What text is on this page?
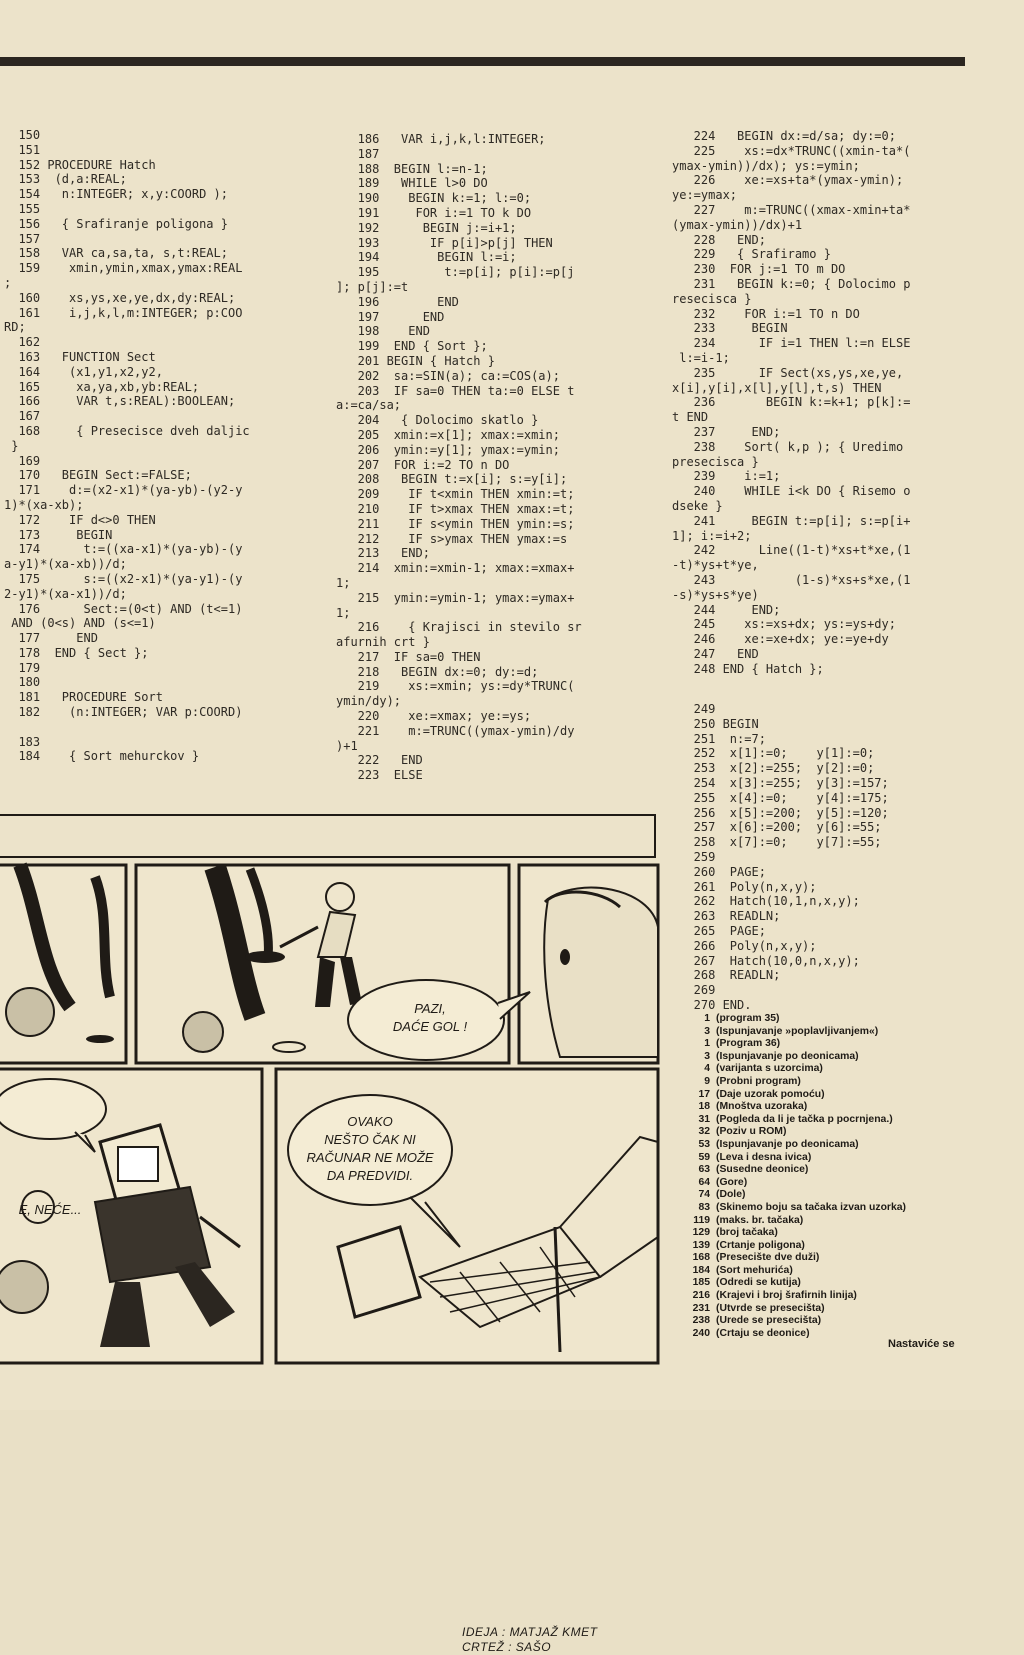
150
151
152 PROCEDURE Hatch
153  (d,a:REAL;
154   n:INTEGER; x,y:COORD );
155
156   { Srafiranje poligona }
157
158   VAR ca,sa,ta, s,t:REAL;
159    xmin,ymin,xmax,ymax:REAL
;
160    xs,ys,xe,ye,dx,dy:REAL;
161    i,j,k,l,m:INTEGER; p:COO
RD;
162
163   FUNCTION Sect
164    (x1,y1,x2,y2,
165     xa,ya,xb,yb:REAL;
166     VAR t,s:REAL):BOOLEAN;
167
168     { Presecisce dveh daljic
}
169
170   BEGIN Sect:=FALSE;
171    d:=(x2-x1)*(ya-yb)-(y2-y
1)*(xa-xb);
172    IF d<>0 THEN
173     BEGIN
174      t:=((xa-x1)*(ya-yb)-(y
a-y1)*(xa-xb))/d;
175      s:=((x2-x1)*(ya-y1)-(y
2-y1)*(xa-x1))/d;
176      Sect:=(0<t) AND (t<=1)
AND (0<s) AND (s<=1)
177     END
178  END { Sect };
179
180
181   PROCEDURE Sort
182    (n:INTEGER; VAR p:COORD)
183
184    { Sort mehurckov }
186   VAR i,j,k,l:INTEGER;
187
188  BEGIN l:=n-1;
189   WHILE l>0 DO
190    BEGIN k:=1; l:=0;
191     FOR i:=1 TO k DO
192      BEGIN j:=i+1;
193       IF p[i]>p[j] THEN
194        BEGIN l:=i;
195         t:=p[i]; p[i]:=p[j
]; p[j]:=t
196        END
197      END
198    END
199  END { Sort };
201 BEGIN { Hatch }
202  sa:=SIN(a); ca:=COS(a);
203  IF sa=0 THEN ta:=0 ELSE t
a:=ca/sa;
204   { Dolocimo skatlo }
205  xmin:=x[1]; xmax:=xmin;
206  ymin:=y[1]; ymax:=ymin;
207  FOR i:=2 TO n DO
208   BEGIN t:=x[i]; s:=y[i];
209    IF t<xmin THEN xmin:=t;
210    IF t>xmax THEN xmax:=t;
211    IF s<ymin THEN ymin:=s;
212    IF s>ymax THEN ymax:=s
213   END;
214  xmin:=xmin-1; xmax:=xmax+
1;
215  ymin:=ymin-1; ymax:=ymax+
1;
216    { Krajisci in stevilo sr
afurnih crt }
217  IF sa=0 THEN
218   BEGIN dx:=0; dy:=d;
219    xs:=xmin; ys:=dy*TRUNC(
ymin/dy);
220    xe:=xmax; ye:=ys;
221    m:=TRUNC((ymax-ymin)/dy
)+1
222   END
223  ELSE
224   BEGIN dx:=d/sa; dy:=0;
225    xs:=dx*TRUNC((xmin-ta*(
ymax-ymin))/dx); ys:=ymin;
226    xe:=xs+ta*(ymax-ymin);
ye:=ymax;
227    m:=TRUNC((xmax-xmin+ta*
(ymax-ymin))/dx)+1
228   END;
229   { Srafiramo }
230  FOR j:=1 TO m DO
231   BEGIN k:=0; { Dolocimo p
resecisca }
232    FOR i:=1 TO n DO
233     BEGIN
234      IF i=1 THEN l:=n ELSE
l:=i-1;
235      IF Sect(xs,ys,xe,ye,
x[i],y[i],x[l],y[l],t,s) THEN
236       BEGIN k:=k+1; p[k]:=
t END
237     END;
238    Sort( k,p ); { Uredimo
presecisca }
239    i:=1;
240    WHILE i<k DO { Risemo o
dseke }
241     BEGIN t:=p[i]; s:=p[i+
1]; i:=i+2;
242      Line((1-t)*xs+t*xe,(1
-t)*ys+t*ye,
243           (1-s)*xs+s*xe,(1
-s)*ys+s*ye)
244     END;
245    xs:=xs+dx; ys:=ys+dy;
246    xe:=xe+dx; ye:=ye+dy
247   END
248 END { Hatch };
249
250 BEGIN
251  n:=7;
252  x[1]:=0;    y[1]:=0;
253  x[2]:=255;  y[2]:=0;
254  x[3]:=255;  y[3]:=157;
255  x[4]:=0;    y[4]:=175;
256  x[5]:=200;  y[5]:=120;
257  x[6]:=200;  y[6]:=55;
258  x[7]:=0;    y[7]:=55;
259
260  PAGE;
261  Poly(n,x,y);
262  Hatch(10,1,n,x,y);
263  READLN;
265  PAGE;
266  Poly(n,x,y);
267  Hatch(10,0,n,x,y);
268  READLN;
269
270 END.
IDEJA : MATJAŽ KMET
CRTEŽ : SAŠO
PAZI,
DAĆE GOL !
E, NEĆE...
OVAKO
NEŠTO ČAK NI
RAČUNAR NE MOŽE
DA PREDVIDI.
1 (program 35)
3 (Ispunjavanje »poplavljivanjem«)
1 (Program 36)
3 (Ispunjavanje po deonicama)
4 (varijanta s uzorcima)
9 (Probni program)
17 (Daje uzorak pomoću)
18 (Mnoštva uzoraka)
31 (Pogleda da li je tačka p pocrnjena.)
32 (Poziv u ROM)
53 (Ispunjavanje po deonicama)
59 (Leva i desna ivica)
63 (Susedne deonice)
64 (Gore)
74 (Dole)
83 (Skinemo boju sa tačaka izvan uzorka)
119 (maks. br. tačaka)
129 (broj tačaka)
139 (Crtanje poligona)
168 (Presecište dve duži)
184 (Sort mehurića)
185 (Odredi se kutija)
216 (Krajevi i broj šrafirnih linija)
231 (Utvrde se presecišta)
238 (Urede se presecišta)
240 (Crtaju se deonice)
Nastaviće se
